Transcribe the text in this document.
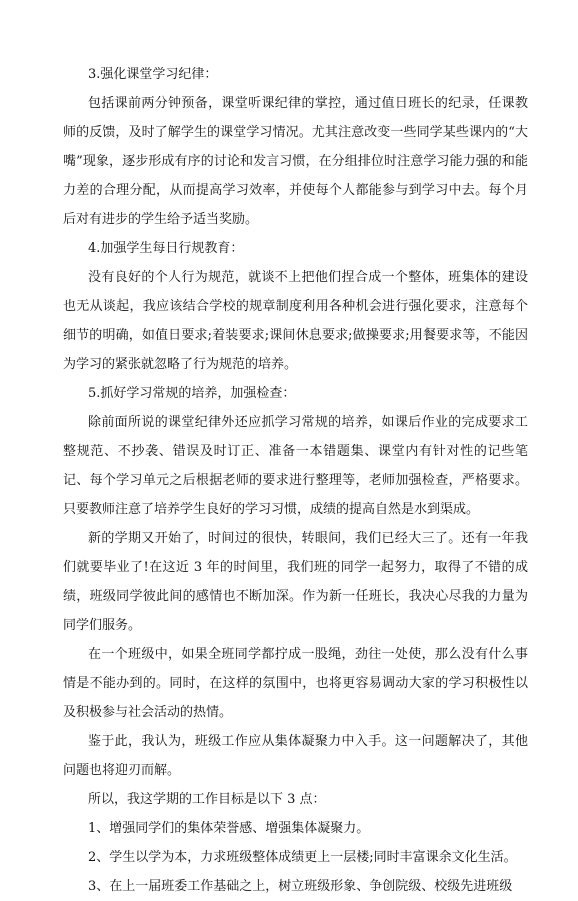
3.强化课堂学习纪律：

包括课前两分钟预备，课堂听课纪律的掌控，通过值日班长的纪录，任课教师的反馈，及时了解学生的课堂学习情况。尤其注意改变一些同学某些课内的“大嘴”现象，逐步形成有序的讨论和发言习惯，在分组排位时注意学习能力强的和能力差的合理分配，从而提高学习效率，并使每个人都能参与到学习中去。每个月后对有进步的学生给予适当奖励。

4.加强学生每日行规教育：

没有良好的个人行为规范，就谈不上把他们捏合成一个整体，班集体的建设也无从谈起，我应该结合学校的规章制度利用各种机会进行强化要求，注意每个细节的明确，如值日要求;着装要求;课间休息要求;做操要求;用餐要求等，不能因为学习的紧张就忽略了行为规范的培养。

5.抓好学习常规的培养，加强检查：

除前面所说的课堂纪律外还应抓学习常规的培养，如课后作业的完成要求工整规范、不抄袭、错误及时订正、准备一本错题集、课堂内有针对性的记些笔记、每个学习单元之后根据老师的要求进行整理等，老师加强检查，严格要求。只要教师注意了培养学生良好的学习习惯，成绩的提高自然是水到渠成。

新的学期又开始了，时间过的很快，转眼间，我们已经大三了。还有一年我们就要毕业了!在这近 3 年的时间里，我们班的同学一起努力，取得了不错的成绩，班级同学彼此间的感情也不断加深。作为新一任班长，我决心尽我的力量为同学们服务。

在一个班级中，如果全班同学都拧成一股绳，劲往一处使，那么没有什么事情是不能办到的。同时，在这样的氛围中，也将更容易调动大家的学习积极性以及积极参与社会活动的热情。

鉴于此，我认为，班级工作应从集体凝聚力中入手。这一问题解决了，其他问题也将迎刃而解。

所以，我这学期的工作目标是以下 3 点：

1、增强同学们的集体荣誉感、增强集体凝聚力。

2、学生以学为本，力求班级整体成绩更上一层楼;同时丰富课余文化生活。

3、在上一届班委工作基础之上，树立班级形象、争创院级、校级先进班级
